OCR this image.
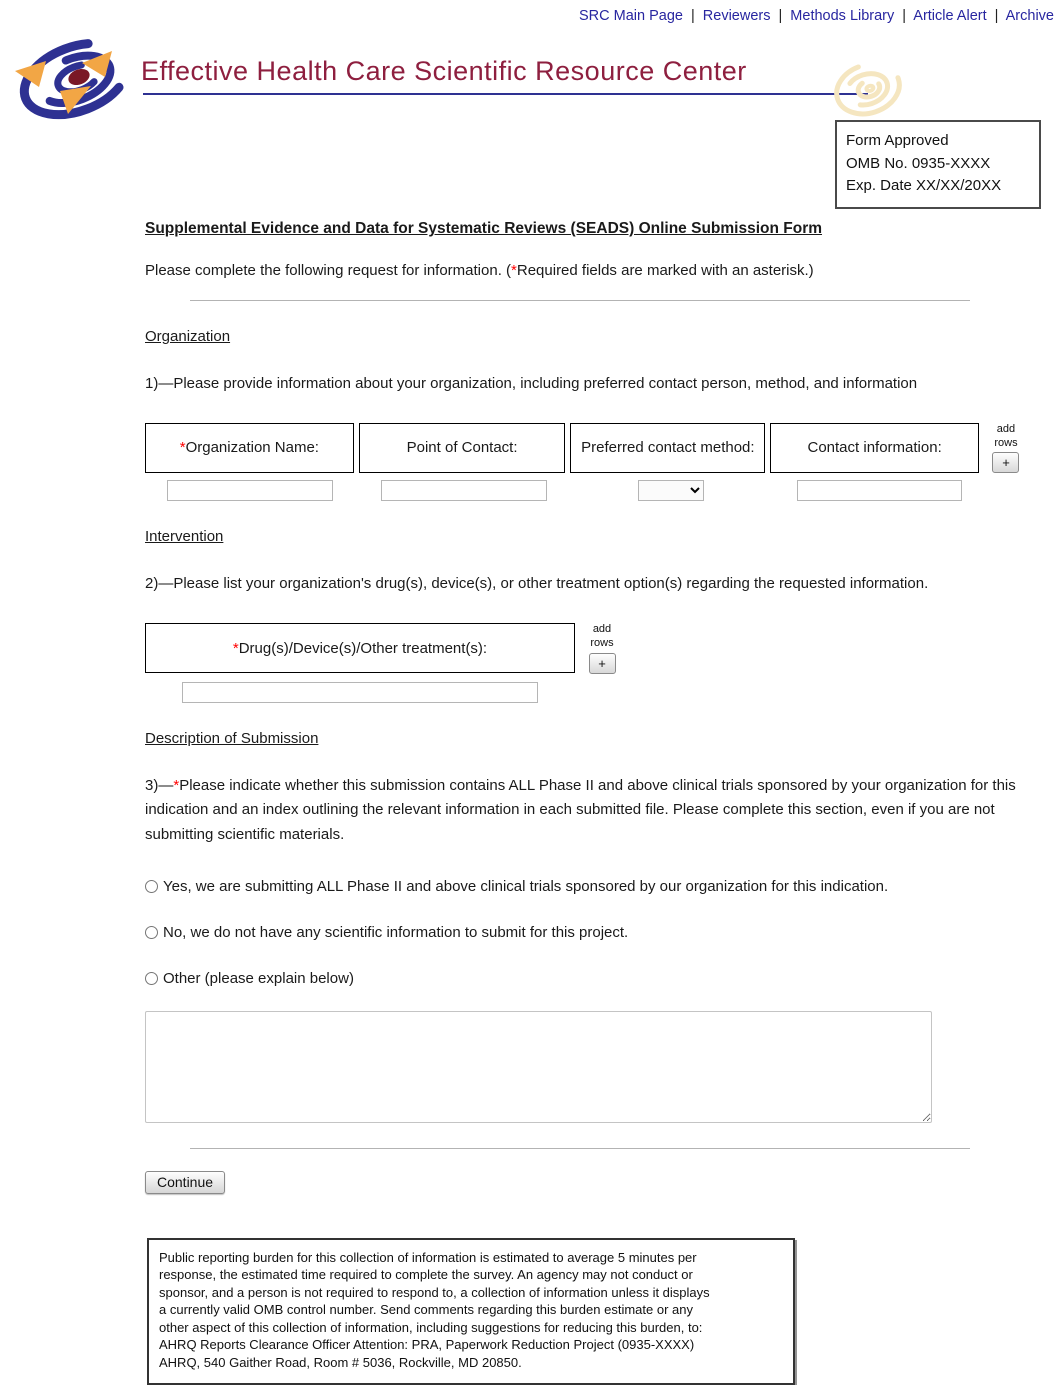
SRC Main Page | Reviewers | Methods Library | Article Alert | Archive
Effective Health Care Scientific Resource Center
Form Approved
OMB No. 0935-XXXX
Exp. Date XX/XX/20XX
Supplemental Evidence and Data for Systematic Reviews (SEADS) Online Submission Form
Please complete the following request for information. (*Required fields are marked with an asterisk.)
Organization
1)—Please provide information about your organization, including preferred contact person, method, and information
*Organization Name:	Point of Contact:	Preferred contact method:	Contact information:
add rows
+
Intervention
2)—Please list your organization's drug(s), device(s), or other treatment option(s) regarding the requested information.
*Drug(s)/Device(s)/Other treatment(s):
add rows
+
Description of Submission
3)—*Please indicate whether this submission contains ALL Phase II and above clinical trials sponsored by your organization for this indication and an index outlining the relevant information in each submitted file. Please complete this section, even if you are not submitting scientific materials.
Yes, we are submitting ALL Phase II and above clinical trials sponsored by our organization for this indication.
No, we do not have any scientific information to submit for this project.
Other (please explain below)
Continue
Public reporting burden for this collection of information is estimated to average 5 minutes per
response, the estimated time required to complete the survey. An agency may not conduct or
sponsor, and a person is not required to respond to, a collection of information unless it displays
a currently valid OMB control number. Send comments regarding this burden estimate or any
other aspect of this collection of information, including suggestions for reducing this burden, to:
AHRQ Reports Clearance Officer Attention: PRA, Paperwork Reduction Project (0935-XXXX)
AHRQ, 540 Gaither Road, Room # 5036, Rockville, MD 20850.
